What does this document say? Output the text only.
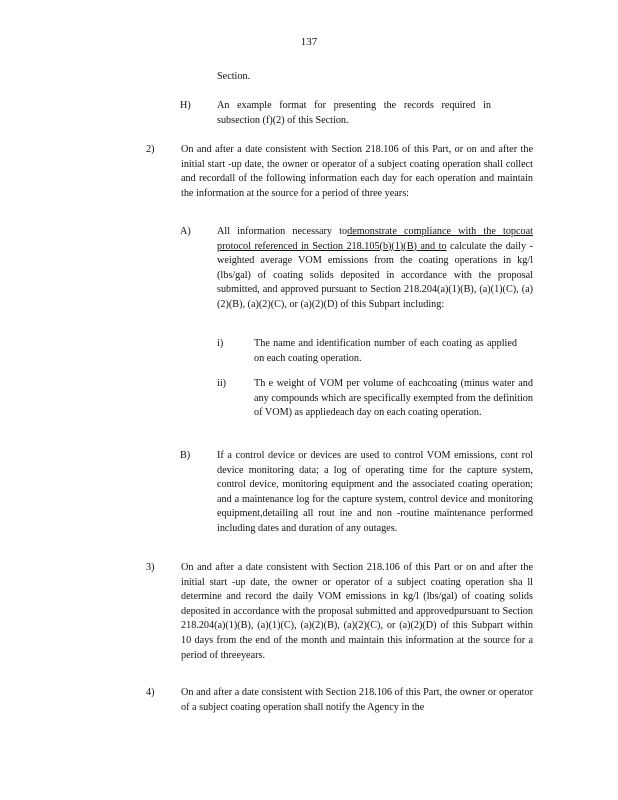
137
Section.
H)	An example format for presenting the records required in subsection (f)(2) of this Section.
2)	On and after a date consistent with Section 218.106 of this Part, or on and after the initial start -up date, the owner or operator of a subject coating operation shall collect and recordall of the following information each day for each operation and maintain the information at the source for a period of three years:
A)	All information necessary todemonstrate compliance with the topcoat protocol referenced in Section 218.105(b)(1)(B) and to calculate the daily -weighted average VOM emissions from the coating operations in kg/l (lbs/gal) of coating solids deposited in accordance with the proposal submitted, and approved pursuant to Section 218.204(a)(1)(B), (a)(1)(C), (a)(2)(B), (a)(2)(C), or (a)(2)(D) of this Subpart including:
i)	The name and identification number of each coating as applied on each coating operation.
ii)	Th e weight of VOM per volume of eachcoating (minus water and any compounds which are specifically exempted from the definition of VOM) as appliedeach day on each coating operation.
B)	If a control device or devices are used to control VOM emissions, cont rol device monitoring data; a log of operating time for the capture system, control device, monitoring equipment and the associated coating operation; and a maintenance log for the capture system, control device and monitoring equipment,detailing all rout ine and non -routine maintenance performed including dates and duration of any outages.
3)	On and after a date consistent with Section 218.106 of this Part or on and after the initial start -up date, the owner or operator of a subject coating operation sha ll determine and record the daily VOM emissions in kg/l (lbs/gal) of coating solids deposited in accordance with the proposal submitted and approvedpursuant to Section 218.204(a)(1)(B), (a)(1)(C), (a)(2)(B), (a)(2)(C), or (a)(2)(D) of this Subpart within 10 days from the end of the month and maintain this information at the source for a period of threeyears.
4)	On and after a date consistent with Section 218.106 of this Part, the owner or operator of a subject coating operation shall notify the Agency in the
